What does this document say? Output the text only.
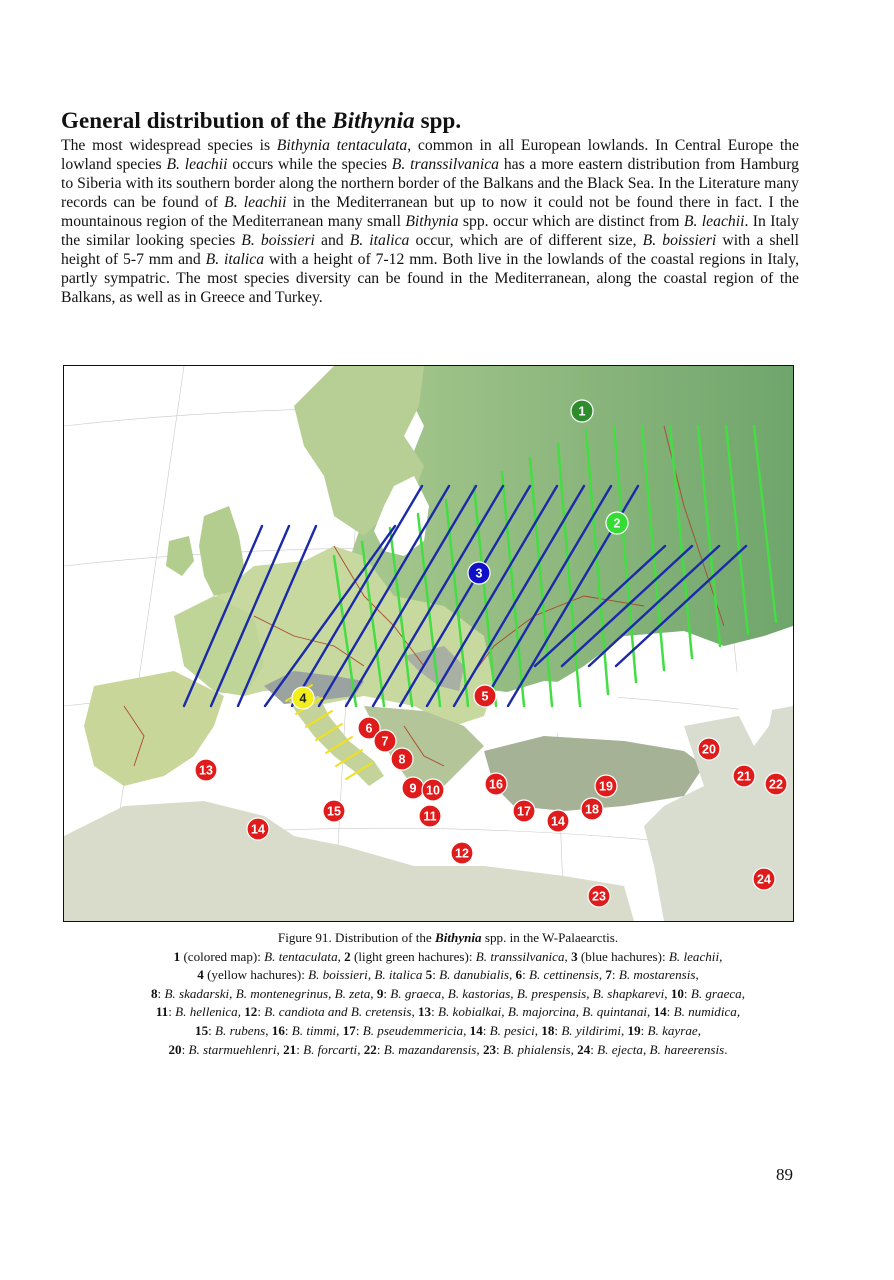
General distribution of the Bithynia spp.

The most widespread species is Bithynia tentaculata, common in all European lowlands. In Central Europe the lowland species B. leachii occurs while the species B. transsilvanica has a more eastern distribution from Hamburg to Siberia with its southern border along the northern border of the Balkans and the Black Sea. In the Literature many records can be found of B. leachii in the Mediterranean but up to now it could not be found there in fact. I the mountainous region of the Mediterranean many small Bithynia spp. occur which are distinct from B. leachii. In Italy the similar looking species B. boissieri and B. italica occur, which are of different size, B. boissieri with a shell height of 5-7 mm and B. italica with a height of 7-12 mm. Both live in the lowlands of the coastal regions in Italy, partly sympatric. The most species diversity can be found in the Mediterranean, along the coastal region of the Balkans, as well as in Greece and Turkey.

1
2
3
4	5
6
7
8
9 10
11
12
13
14
15
16
17
14
18
19
20
21
22
23
24
Figure 91. Distribution of the Bithynia spp. in the W-Palaearctis.
1 (colored map): B. tentaculata, 2 (light green hachures): B. transsilvanica, 3 (blue hachures): B. leachii,
4 (yellow hachures): B. boissieri, B. italica 5: B. danubialis, 6: B. cettinensis, 7: B. mostarensis,
8: B. skadarski, B. montenegrinus, B. zeta, 9: B. graeca, B. kastorias, B. prespensis, B. shapkarevi, 10: B. graeca,
11: B. hellenica, 12: B. candiota and B. cretensis, 13: B. kobialkai, B. majorcina, B. quintanai, 14: B. numidica,
15: B. rubens, 16: B. timmi, 17: B. pseudemmericia, 14: B. pesici, 18: B. yildirimi, 19: B. kayrae,
20: B. starmuehlenri, 21: B. forcarti, 22: B. mazandarensis, 23: B. phialensis, 24: B. ejecta, B. hareerensis.
89
